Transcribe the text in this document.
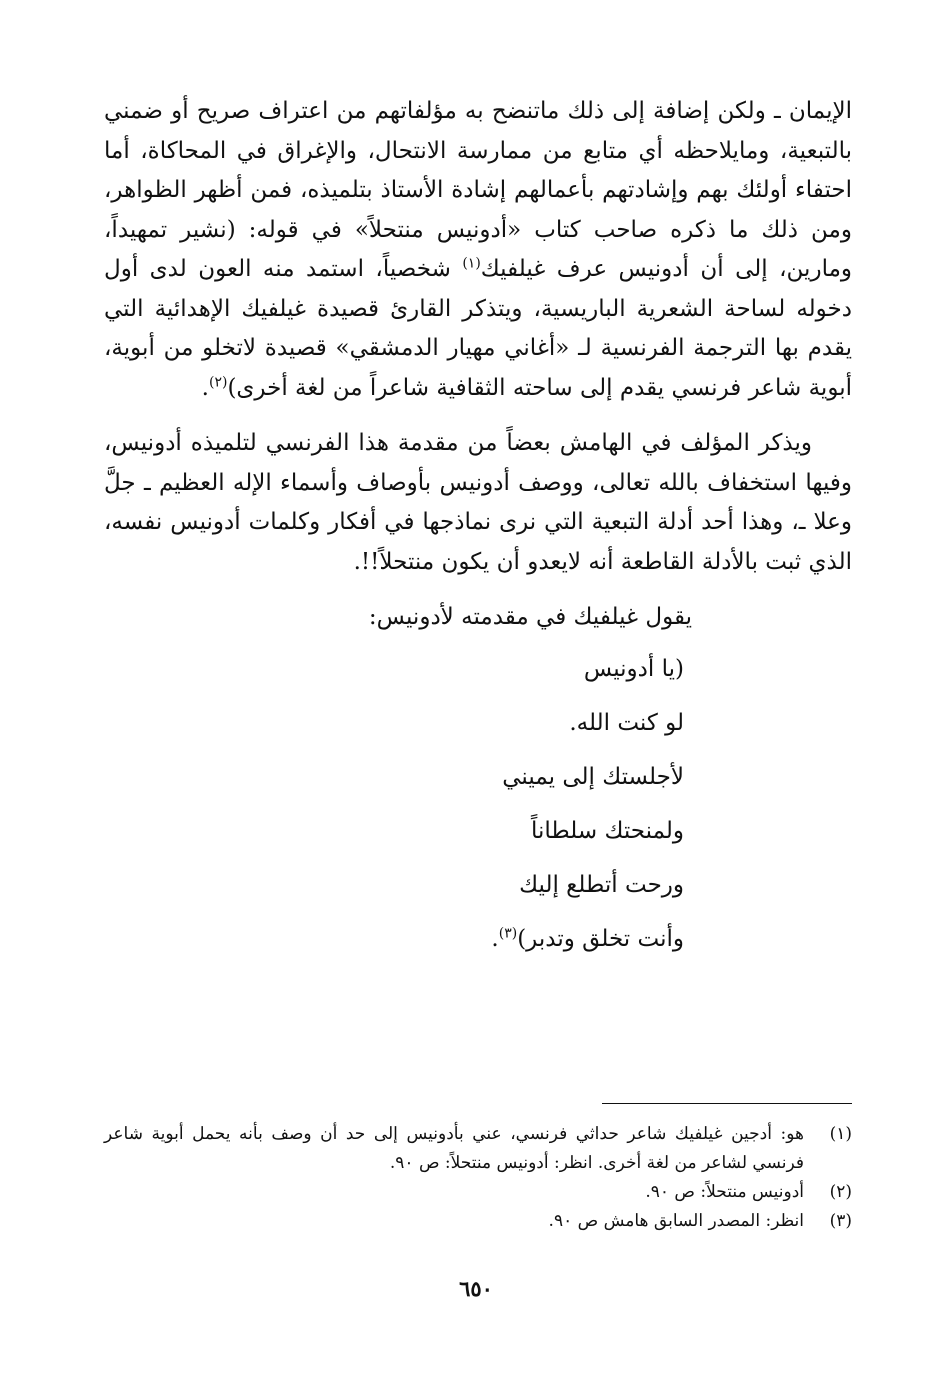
الإيمان ـ ولكن إضافة إلى ذلك ماتنضح به مؤلفاتهم من اعتراف صريح أو ضمني بالتبعية، ومايلاحظه أي متابع من ممارسة الانتحال، والإغراق في المحاكاة، أما احتفاء أولئك بهم وإشادتهم بأعمالهم إشادة الأستاذ بتلميذه، فمن أظهر الظواهر، ومن ذلك ما ذكره صاحب كتاب «أدونيس منتحلاً» في قوله: (نشير تمهيداً، ومارين، إلى أن أدونيس عرف غيلفيك$^{(١)}$ شخصياً، استمد منه العون لدى أول دخوله لساحة الشعرية الباريسية، ويتذكر القارئ قصيدة غيلفيك الإهدائية التي يقدم بها الترجمة الفرنسية لـ «أغاني مهيار الدمشقي» قصيدة لاتخلو من أبوية، أبوية شاعر فرنسي يقدم إلى ساحته الثقافية شاعراً من لغة أخرى)$^{(٢)}$.

ويذكر المؤلف في الهامش بعضاً من مقدمة هذا الفرنسي لتلميذه أدونيس، وفيها استخفاف بالله تعالى، ووصف أدونيس بأوصاف وأسماء الإله العظيم ـ جلَّ وعلا ـ، وهذا أحد أدلة التبعية التي نرى نماذجها في أفكار وكلمات أدونيس نفسه، الذي ثبت بالأدلة القاطعة أنه لايعدو أن يكون منتحلاً!!.

يقول غيلفيك في مقدمته لأدونيس:

(يا أدونيس
لو كنت الله.
لأجلستك إلى يميني
ولمنحتك سلطاناً
ورحت أتطلع إليك
وأنت تخلق وتدبر)$^{(٣)}$.
(١)
هو: أدجين غيلفيك شاعر حداثي فرنسي، عني بأدونيس إلى حد أن وصف بأنه يحمل أبوية شاعر فرنسي لشاعر من لغة أخرى. انظر: أدونيس منتحلاً: ص ٩٠.
(٢)
أدونيس منتحلاً: ص ٩٠.
(٣)
انظر: المصدر السابق هامش ص ٩٠.
٦٥٠
